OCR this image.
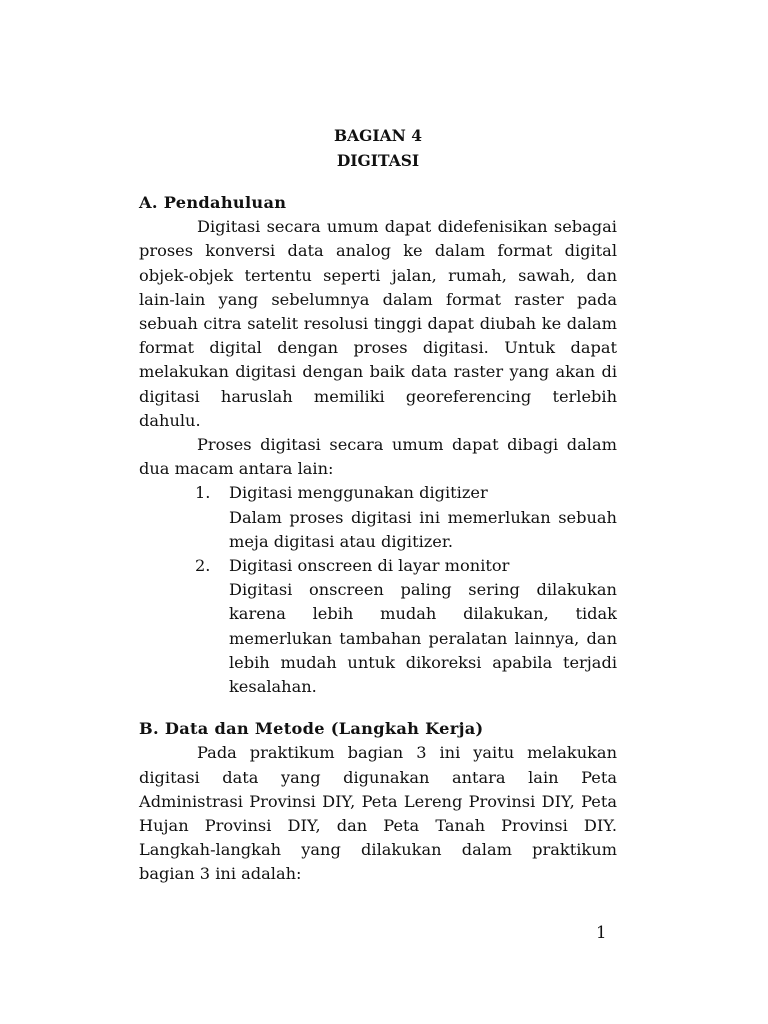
BAGIAN 4
DIGITASI
A. Pendahuluan

Digitasi secara umum dapat didefenisikan sebagai proses konversi data analog ke dalam format digital objek-objek tertentu seperti jalan, rumah, sawah, dan lain-lain yang sebelumnya dalam format raster pada sebuah citra satelit resolusi tinggi dapat diubah ke dalam format digital dengan proses digitasi. Untuk dapat melakukan digitasi dengan baik data raster yang akan di digitasi haruslah memiliki georeferencing terlebih dahulu.

Proses digitasi secara umum dapat dibagi dalam dua macam antara lain:

1.	Digitasi menggunakan digitizer
Dalam proses digitasi ini memerlukan sebuah meja digitasi atau digitizer.
2.	Digitasi onscreen di layar monitor
Digitasi onscreen paling sering dilakukan karena lebih mudah dilakukan, tidak memerlukan tambahan peralatan lainnya, dan lebih mudah untuk dikoreksi apabila terjadi kesalahan.
B. Data dan Metode (Langkah Kerja)

Pada praktikum bagian 3 ini yaitu melakukan digitasi data yang digunakan antara lain Peta Administrasi Provinsi DIY, Peta Lereng Provinsi DIY, Peta Hujan Provinsi DIY, dan Peta Tanah Provinsi DIY. Langkah-langkah yang dilakukan dalam praktikum bagian 3 ini adalah:

1
